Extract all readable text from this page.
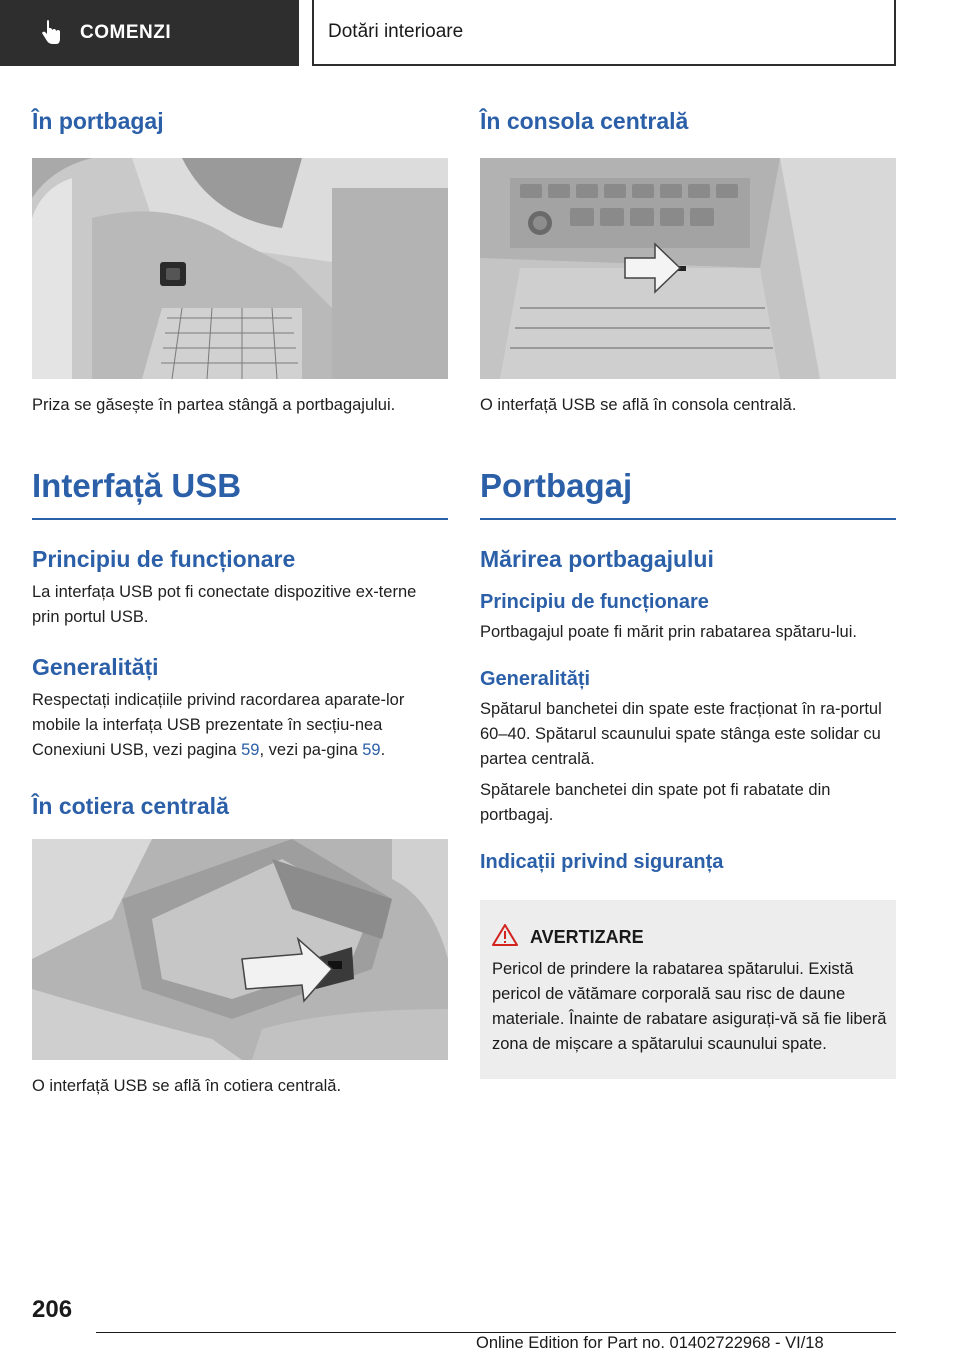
COMENZI	Dotări interioare
În portbagaj

Priza se găsește în partea stângă a portbagajului.

Interfață USB
Principiu de funcționare

La interfața USB pot fi conectate dispozitive ex-terne prin portul USB.

Generalități

Respectați indicațiile privind racordarea aparate-lor mobile la interfața USB prezentate în secțiu-nea Conexiuni USB, vezi pagina 59, vezi pa-gina 59.

În cotiera centrală

O interfață USB se află în cotiera centrală.

În consola centrală

O interfață USB se află în consola centrală.

Portbagaj
Mărirea portbagajului
Principiu de funcționare

Portbagajul poate fi mărit prin rabatarea spătaru-lui.

Generalități

Spătarul banchetei din spate este fracționat în ra-portul 60–40. Spătarul scaunului spate stânga este solidar cu partea centrală.

Spătarele banchetei din spate pot fi rabatate din portbagaj.

Indicații privind siguranța
AVERTIZARE

Pericol de prindere la rabatarea spătarului. Există pericol de vătămare corporală sau risc de daune materiale. Înainte de rabatare asigurați-vă să fie liberă zona de mișcare a spătarului scaunului spate.

206
Online Edition for Part no. 01402722968 - VI/18
